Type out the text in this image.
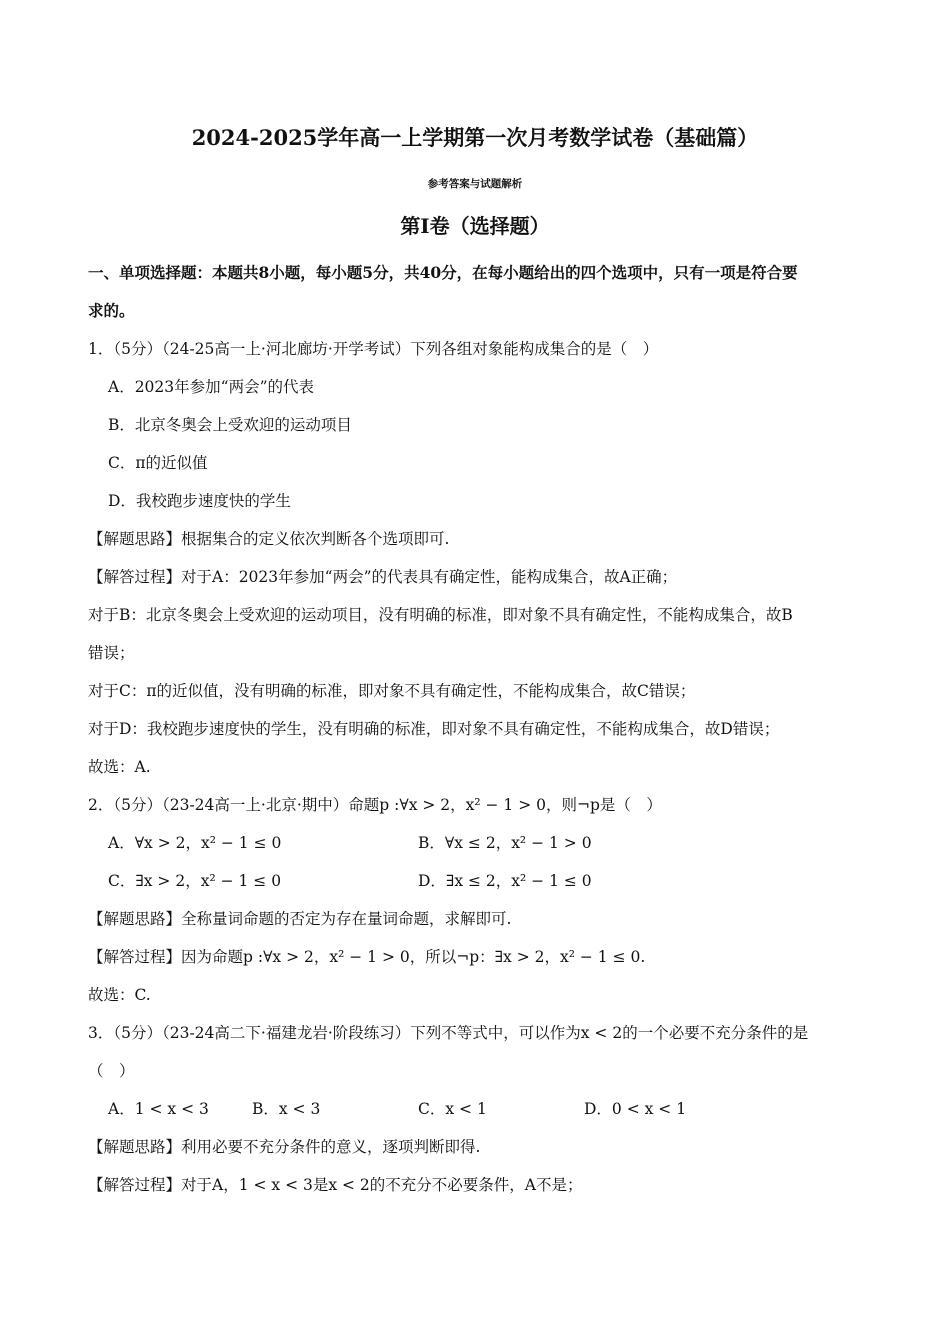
2024-2025学年高一上学期第一次月考数学试卷（基础篇）
参考答案与试题解析
第I卷（选择题）
一、单项选择题：本题共8小题，每小题5分，共40分，在每小题给出的四个选项中，只有一项是符合要
求的。
1．（5分）（24-25高一上·河北廊坊·开学考试）下列各组对象能构成集合的是（　）
A．2023年参加“两会”的代表
B．北京冬奥会上受欢迎的运动项目
C．π的近似值
D．我校跑步速度快的学生
【解题思路】根据集合的定义依次判断各个选项即可.
【解答过程】对于A：2023年参加“两会”的代表具有确定性，能构成集合，故A正确；
对于B：北京冬奥会上受欢迎的运动项目，没有明确的标准，即对象不具有确定性，不能构成集合，故B
错误；
对于C：π的近似值，没有明确的标准，即对象不具有确定性，不能构成集合，故C错误；
对于D：我校跑步速度快的学生，没有明确的标准，即对象不具有确定性，不能构成集合，故D错误；
故选：A.
2．（5分）（23-24高一上·北京·期中）命题p :∀x > 2，x² − 1 > 0，则¬p是（　）
A．∀x > 2，x² − 1 ≤ 0	B．∀x ≤ 2，x² − 1 > 0
C．∃x > 2，x² − 1 ≤ 0	D．∃x ≤ 2，x² − 1 ≤ 0
【解题思路】全称量词命题的否定为存在量词命题，求解即可.
【解答过程】因为命题p :∀x > 2，x² − 1 > 0，所以¬p：∃x > 2，x² − 1 ≤ 0.
故选：C.
3．（5分）（23-24高二下·福建龙岩·阶段练习）下列不等式中，可以作为x < 2的一个必要不充分条件的是
（　）
A．1 < x < 3	B．x < 3	C．x < 1	D．0 < x < 1
【解题思路】利用必要不充分条件的意义，逐项判断即得.
【解答过程】对于A，1 < x < 3是x < 2的不充分不必要条件，A不是；
